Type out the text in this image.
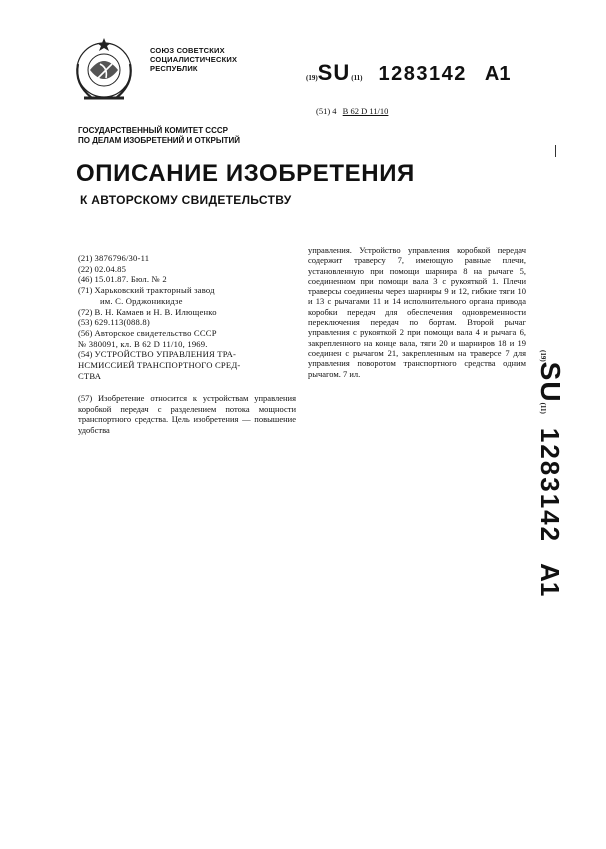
СОЮЗ СОВЕТСКИХ
СОЦИАЛИСТИЧЕСКИХ
РЕСПУБЛИК
(19) SU (11) 1283142 A1
(51) 4 В 62 D 11/10
ГОСУДАРСТВЕННЫЙ КОМИТЕТ СССР
ПО ДЕЛАМ ИЗОБРЕТЕНИЙ И ОТКРЫТИЙ
ОПИСАНИЕ ИЗОБРЕТЕНИЯ
К АВТОРСКОМУ СВИДЕТЕЛЬСТВУ
(21) 3876796/30-11
(22) 02.04.85
(46) 15.01.87. Бюл. № 2
(71) Харьковский тракторный завод
им. С. Орджоникидзе
(72) В. Н. Камаев и Н. В. Илющенко
(53) 629.113(088.8)
(56) Авторское свидетельство СССР
№ 380091, кл. В 62 D 11/10, 1969.
(54) УСТРОЙСТВО УПРАВЛЕНИЯ ТРА-
НСМИССИЕЙ ТРАНСПОРТНОГО СРЕД-
СТВА
(57) Изобретение относится к устройствам управления коробкой передач с разделением потока мощности транспортного средства. Цель изобретения — повышение удобства
управления. Устройство управления коробкой передач содержит траверсу 7, имеющую равные плечи, установленную при помощи шарнира 8 на рычаге 5, соединенном при помощи вала 3 с рукояткой 1. Плечи траверсы соединены через шарниры 9 и 12, гибкие тяги 10 и 13 с рычагами 11 и 14 исполнительного органа привода коробки передач для обеспечения одновременности переключения передач по бортам. Второй рычаг управления с рукояткой 2 при помощи вала 4 и рычага 6, закрепленного на конце вала, тяги 20 и шарниров 18 и 19 соединен с рычагом 21, закрепленным на траверсе 7 для управления поворотом транспортного средства одним рычагом. 7 ил.
(19)
SU
(11)
1283142
A1
